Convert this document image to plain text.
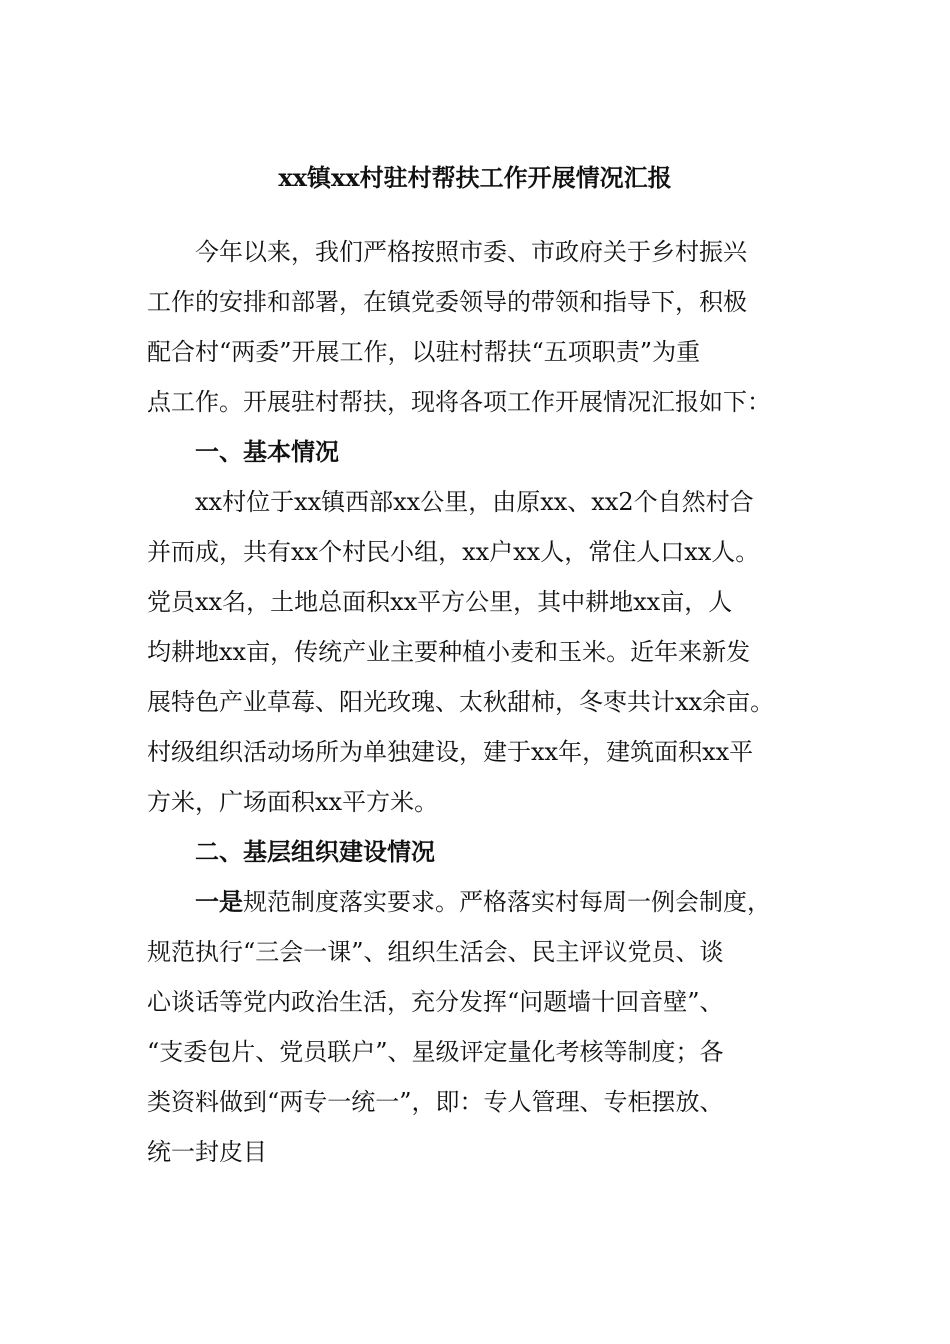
xx镇xx村驻村帮扶工作开展情况汇报

今年以来，我们严格按照市委、市政府关于乡村振兴

工作的安排和部署，在镇党委领导的带领和指导下，积极

配合村“两委”开展工作，以驻村帮扶“五项职责”为重

点工作。开展驻村帮扶，现将各项工作开展情况汇报如下：

一、基本情况

xx村位于xx镇西部xx公里，由原xx、xx2个自然村合

并而成，共有xx个村民小组，xx户xx人，常住人口xx人。

党员xx名，土地总面积xx平方公里，其中耕地xx亩，人

均耕地xx亩，传统产业主要种植小麦和玉米。近年来新发

展特色产业草莓、阳光玫瑰、太秋甜柿，冬枣共计xx余亩。

村级组织活动场所为单独建设，建于xx年，建筑面积xx平

方米，广场面积xx平方米。

二、基层组织建设情况

一是规范制度落实要求。严格落实村每周一例会制度，

规范执行“三会一课”、组织生活会、民主评议党员、谈

心谈话等党内政治生活，充分发挥“问题墙十回音壁”、

“支委包片、党员联户”、星级评定量化考核等制度；各

类资料做到“两专一统一”，即：专人管理、专柜摆放、

统一封皮目
